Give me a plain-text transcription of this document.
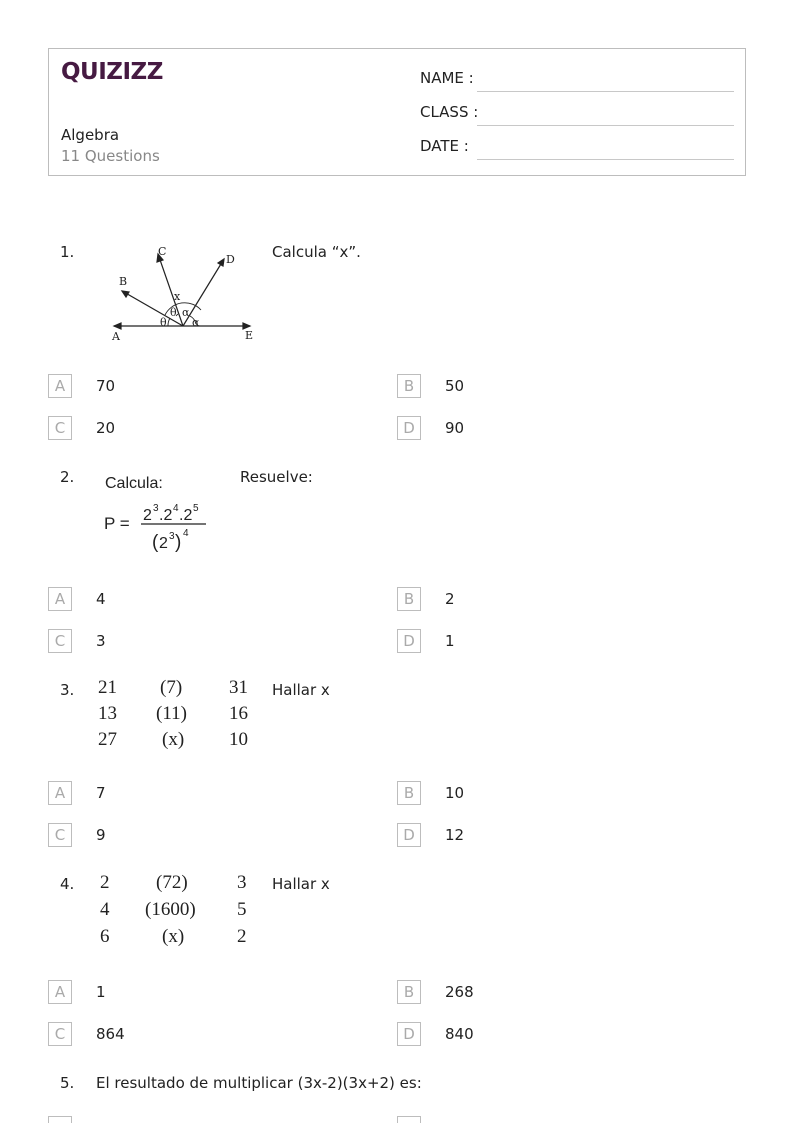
QUIZIZZ
Algebra
11 Questions
NAME :
CLASS :
DATE :
1.	C
D
B
x
θ α
θ α
A	E
Calcula “x”.
A	70	B	50
C	20	D	90
2. Calcula:
P = 2 3 .2 4 .2 5
( 2 3 ) 4
Resuelve:
A	4	B	2
C	3	D	1
3. 21 (7) 31
13 (11) 16
27 (x) 10
Hallar x
A	7	B	10
C	9	D	12
4. 2 (72)	3
4 (1600) 5
6	(x)	2
Hallar x
A	1	B	268
C	864	D	840
5. El resultado de multiplicar (3x-2)(3x+2) es:
